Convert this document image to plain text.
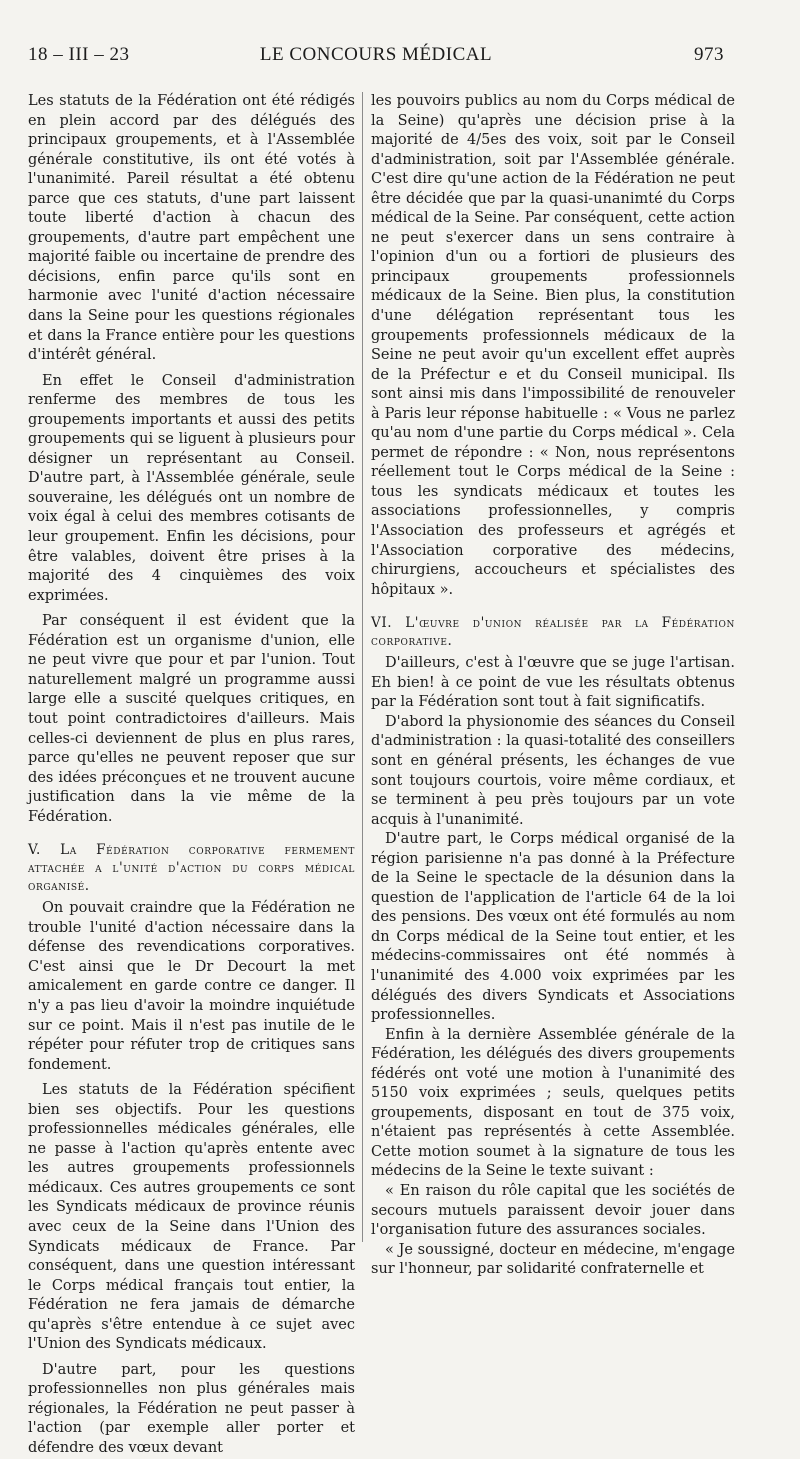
18 – III – 23	LE CONCOURS MÉDICAL	973

Les statuts de la Fédération ont été rédigés en plein accord par des délégués des principaux groupements, et à l'Assemblée générale constitutive, ils ont été votés à l'unanimité. Pareil résultat a été obtenu parce que ces statuts, d'une part laissent toute liberté d'action à chacun des groupements, d'autre part empêchent une majorité faible ou incertaine de prendre des décisions, enfin parce qu'ils sont en harmonie avec l'unité d'action nécessaire dans la Seine pour les questions régionales et dans la France entière pour les questions d'intérêt général.

En effet le Conseil d'administration renferme des membres de tous les groupements importants et aussi des petits groupements qui se liguent à plusieurs pour désigner un représentant au Conseil. D'autre part, à l'Assemblée générale, seule souveraine, les délégués ont un nombre de voix égal à celui des membres cotisants de leur groupement. Enfin les décisions, pour être valables, doivent être prises à la majorité des 4 cinquièmes des voix exprimées.

Par conséquent il est évident que la Fédération est un organisme d'union, elle ne peut vivre que pour et par l'union. Tout naturellement malgré un programme aussi large elle a suscité quelques critiques, en tout point contradictoires d'ailleurs. Mais celles-ci deviennent de plus en plus rares, parce qu'elles ne peuvent reposer que sur des idées préconçues et ne trouvent aucune justification dans la vie même de la Fédération.

V. La Fédération corporative fermement attachée a l'unité d'action du corps médical organisé.

On pouvait craindre que la Fédération ne trouble l'unité d'action nécessaire dans la défense des revendications corporatives. C'est ainsi que le Dr Decourt la met amicalement en garde contre ce danger. Il n'y a pas lieu d'avoir la moindre inquiétude sur ce point. Mais il n'est pas inutile de le répéter pour réfuter trop de critiques sans fondement.

Les statuts de la Fédération spécifient bien ses objectifs. Pour les questions professionnelles médicales générales, elle ne passe à l'action qu'après entente avec les autres groupements professionnels médicaux. Ces autres groupements ce sont les Syndicats médicaux de province réunis avec ceux de la Seine dans l'Union des Syndicats médicaux de France. Par conséquent, dans une question intéressant le Corps médical français tout entier, la Fédération ne fera jamais de démarche qu'après s'être entendue à ce sujet avec l'Union des Syndicats médicaux.

D'autre part, pour les questions professionnelles non plus générales mais régionales, la Fédération ne peut passer à l'action (par exemple aller porter et défendre des vœux devant

les pouvoirs publics au nom du Corps médical de la Seine) qu'après une décision prise à la majorité de 4/5es des voix, soit par le Conseil d'administration, soit par l'Assemblée générale. C'est dire qu'une action de la Fédération ne peut être décidée que par la quasi-unanimté du Corps médical de la Seine. Par conséquent, cette action ne peut s'exercer dans un sens contraire à l'opinion d'un ou a fortiori de plusieurs des principaux groupements professionnels médicaux de la Seine. Bien plus, la constitution d'une délégation représentant tous les groupements professionnels médicaux de la Seine ne peut avoir qu'un excellent effet auprès de la Préfectur e et du Conseil municipal. Ils sont ainsi mis dans l'impossibilité de renouveler à Paris leur réponse habituelle : « Vous ne parlez qu'au nom d'une partie du Corps médical ». Cela permet de répondre : « Non, nous représentons réellement tout le Corps médical de la Seine : tous les syndicats médicaux et toutes les associations professionnelles, y compris l'Association des professeurs et agrégés et l'Association corporative des médecins, chirurgiens, accoucheurs et spécialistes des hôpitaux ».

VI. L'œuvre d'union réalisée par la Fédération corporative.

D'ailleurs, c'est à l'œuvre que se juge l'artisan. Eh bien! à ce point de vue les résultats obtenus par la Fédération sont tout à fait significatifs.

D'abord la physionomie des séances du Conseil d'administration : la quasi-totalité des conseillers sont en général présents, les échanges de vue sont toujours courtois, voire même cordiaux, et se terminent à peu près toujours par un vote acquis à l'unanimité.

D'autre part, le Corps médical organisé de la région parisienne n'a pas donné à la Préfecture de la Seine le spectacle de la désunion dans la question de l'application de l'article 64 de la loi des pensions. Des vœux ont été formulés au nom dn Corps médical de la Seine tout entier, et les médecins-commissaires ont été nommés à l'unanimité des 4.000 voix exprimées par les délégués des divers Syndicats et Associations professionnelles.

Enfin à la dernière Assemblée générale de la Fédération, les délégués des divers groupements fédérés ont voté une motion à l'unanimité des 5150 voix exprimées ; seuls, quelques petits groupements, disposant en tout de 375 voix, n'étaient pas représentés à cette Assemblée. Cette motion soumet à la signature de tous les médecins de la Seine le texte suivant :

« En raison du rôle capital que les sociétés de secours mutuels paraissent devoir jouer dans l'organisation future des assurances sociales.

« Je soussigné, docteur en médecine, m'engage sur l'honneur, par solidarité confraternelle et
